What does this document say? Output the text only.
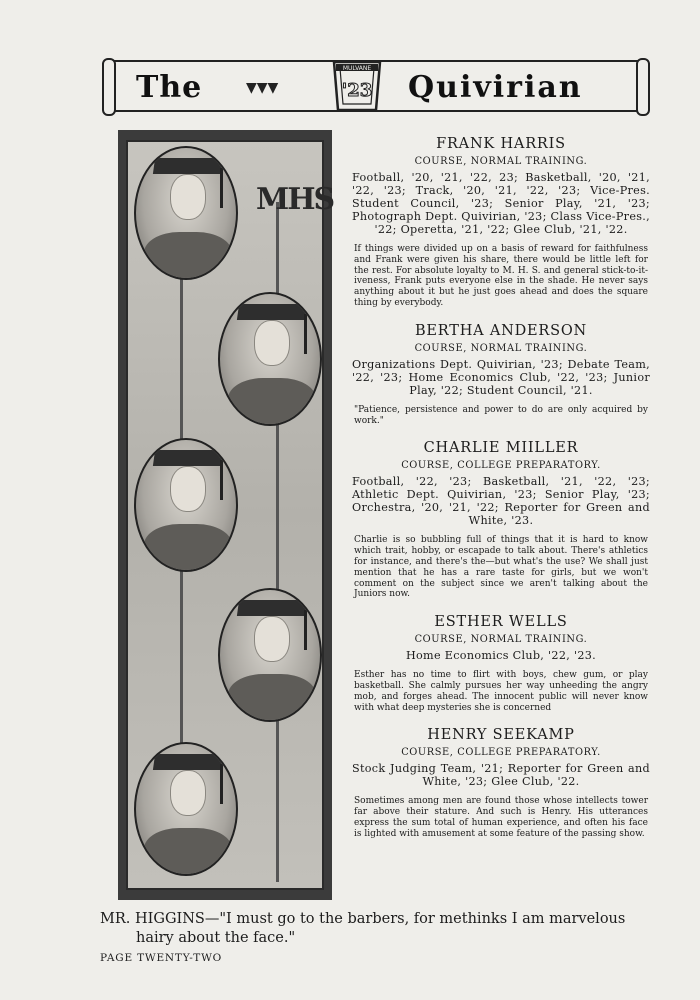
The	▼▼▼
MULVANE
'23 Quivirian
MHS
FRANK HARRIS
COURSE, NORMAL TRAINING.
Football, '20, '21, '22, 23; Basketball, '20, '21, '22, '23; Track, '20, '21, '22, '23; Vice-Pres. Student Council, '23; Senior Play, '21, '23; Photograph Dept. Quivirian, '23; Class Vice-Pres., '22; Operetta, '21, '22; Glee Club, '21, '22.
If things were divided up on a basis of reward for faithfulness and Frank were given his share, there would be little left for the rest. For absolute loyalty to M. H. S. and general stick-to-it-iveness, Frank puts everyone else in the shade. He never says anything about it but he just goes ahead and does the square thing by everybody.
BERTHA ANDERSON
COURSE, NORMAL TRAINING.
Organizations Dept. Quivirian, '23; Debate Team, '22, '23; Home Economics Club, '22, '23; Junior Play, '22; Student Council, '21.
"Patience, persistence and power to do are only acquired by work."
CHARLIE MIILLER
COURSE, COLLEGE PREPARATORY.
Football, '22, '23; Basketball, '21, '22, '23; Athletic Dept. Quivirian, '23; Senior Play, '23; Orchestra, '20, '21, '22; Reporter for Green and White, '23.
Charlie is so bubbling full of things that it is hard to know which trait, hobby, or escapade to talk about. There's athletics for instance, and there's the—but what's the use? We shall just mention that he has a rare taste for girls, but we won't comment on the subject since we aren't talking about the Juniors now.
ESTHER WELLS
COURSE, NORMAL TRAINING.
Home Economics Club, '22, '23.
Esther has no time to flirt with boys, chew gum, or play basketball. She calmly pursues her way unheeding the angry mob, and forges ahead. The innocent public will never know with what deep mysteries she is concerned
HENRY SEEKAMP
COURSE, COLLEGE PREPARATORY.
Stock Judging Team, '21; Reporter for Green and White, '23; Glee Club, '22.
Sometimes among men are found those whose intellects tower far above their stature. And such is Henry. His utterances express the sum total of human experience, and often his face is lighted with amusement at some feature of the passing show.
MR. HIGGINS—"I must go to the barbers, for methinks I am marvelous
hairy about the face."
PAGE TWENTY-TWO
